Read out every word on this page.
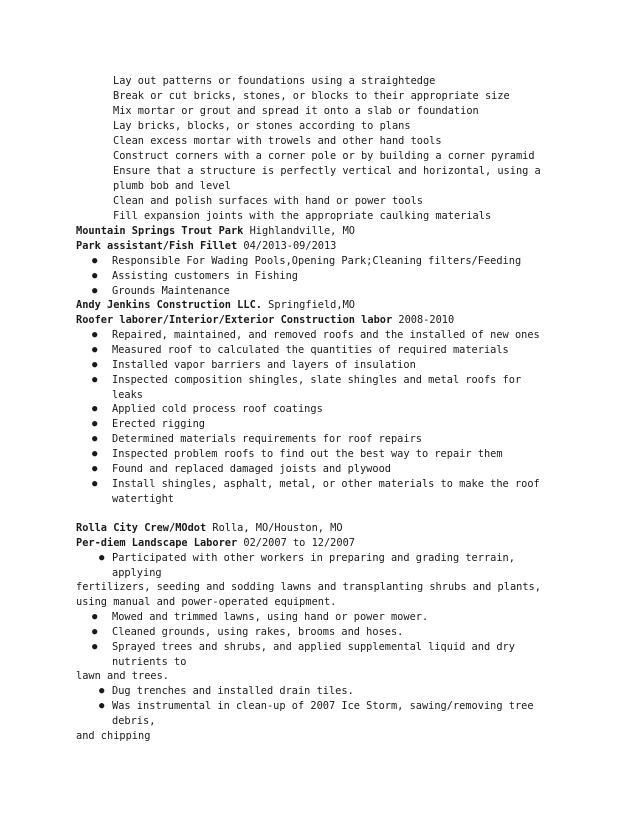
Lay out patterns or foundations using a straightedge
Break or cut bricks, stones, or blocks to their appropriate size
Mix mortar or grout and spread it onto a slab or foundation
Lay bricks, blocks, or stones according to plans
Clean excess mortar with trowels and other hand tools
Construct corners with a corner pole or by building a corner pyramid
Ensure that a structure is perfectly vertical and horizontal, using a
plumb bob and level
Clean and polish surfaces with hand or power tools
Fill expansion joints with the appropriate caulking materials
Mountain Springs Trout Park Highlandville, MO
Park assistant/Fish Fillet 04/2013-09/2013
● Responsible For Wading Pools,Opening Park;Cleaning filters/Feeding
● Assisting customers in Fishing
● Grounds Maintenance
Andy Jenkins Construction LLC. Springfield,MO
Roofer laborer/Interior/Exterior Construction labor 2008-2010
● Repaired, maintained, and removed roofs and the installed of new ones
● Measured roof to calculated the quantities of required materials
● Installed vapor barriers and layers of insulation
● Inspected composition shingles, slate shingles and metal roofs for
leaks
● Applied cold process roof coatings
● Erected rigging
● Determined materials requirements for roof repairs
● Inspected problem roofs to find out the best way to repair them
● Found and replaced damaged joists and plywood
● Install shingles, asphalt, metal, or other materials to make the roof
watertight
Rolla City Crew/MOdot Rolla, MO/Houston, MO
Per-diem Landscape Laborer 02/2007 to 12/2007
● Participated with other workers in preparing and grading terrain,
applying
fertilizers, seeding and sodding lawns and transplanting shrubs and plants,
using manual and power-operated equipment.
● Mowed and trimmed lawns, using hand or power mower.
● Cleaned grounds, using rakes, brooms and hoses.
● Sprayed trees and shrubs, and applied supplemental liquid and dry
nutrients to
lawn and trees.
● Dug trenches and installed drain tiles.
● Was instrumental in clean-up of 2007 Ice Storm, sawing/removing tree
debris,
and chipping
